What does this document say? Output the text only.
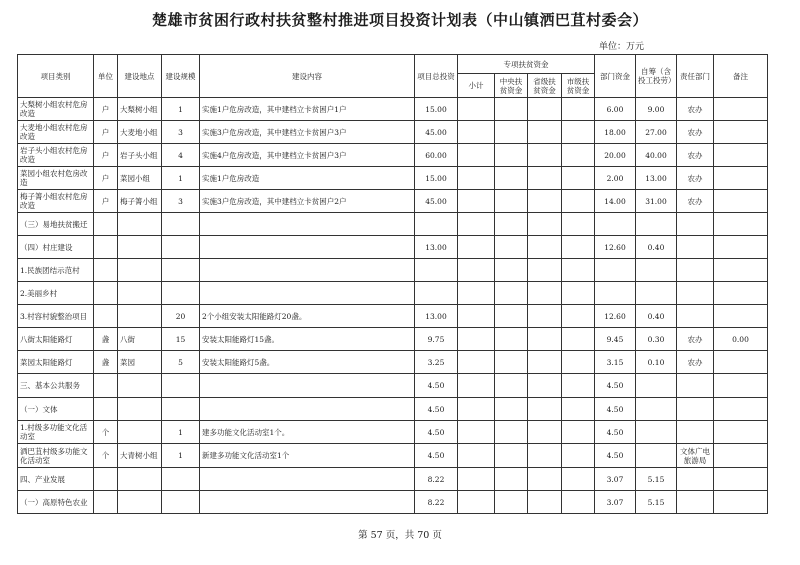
楚雄市贫困行政村扶贫整村推进项目投资计划表（中山镇洒巴苴村委会）
单位：万元
项目类别	单位	建设地点	建设规模	建设内容	项目总投资	专项扶贫资金				部门资金	自筹（含投工投劳）	责任部门	备注
						小计	中央扶贫资金	省级扶贫资金	市级扶贫资金				

大梨树小组农村危房改造	户	大梨树小组	1	实施1户危房改造，其中建档立卡贫困户1户	15.00					6.00	9.00	农办	

大麦地小组农村危房改造	户	大麦地小组	3	实施3户危房改造，其中建档立卡贫困户3户	45.00					18.00	27.00	农办	

岩子头小组农村危房改造	户	岩子头小组	4	实施4户危房改造，其中建档立卡贫困户3户	60.00					20.00	40.00	农办	

菜园小组农村危房改造	户	菜园小组	1	实施1户危房改造	15.00					2.00	13.00	农办	

梅子箐小组农村危房改造	户	梅子箐小组	3	实施3户危房改造，其中建档立卡贫困户2户	45.00					14.00	31.00	农办	

（三）易地扶贫搬迁													

（四）村庄建设					13.00					12.60	0.40		

1.民族团结示范村													

2.美丽乡村													

3.村容村貌整治项目			20	2个小组安装太阳能路灯20盏。	13.00					12.60	0.40		

八街太阳能路灯	盏	八街	15	安装太阳能路灯15盏。	9.75					9.45	0.30	农办	0.00

菜园太阳能路灯	盏	菜园	5	安装太阳能路灯5盏。	3.25					3.15	0.10	农办	

三、基本公共服务					4.50					4.50			

（一）文体					4.50					4.50			

1.村级多功能文化活动室	个		1	建多功能文化活动室1个。	4.50					4.50			

洒巴苴村级多功能文化活动室	个	大青树小组	1	新建多功能文化活动室1个	4.50					4.50		文体广电旅游局	

四、产业发展					8.22					3.07	5.15		

（一）高原特色农业					8.22					3.07	5.15		

第 57 页，共 70 页
